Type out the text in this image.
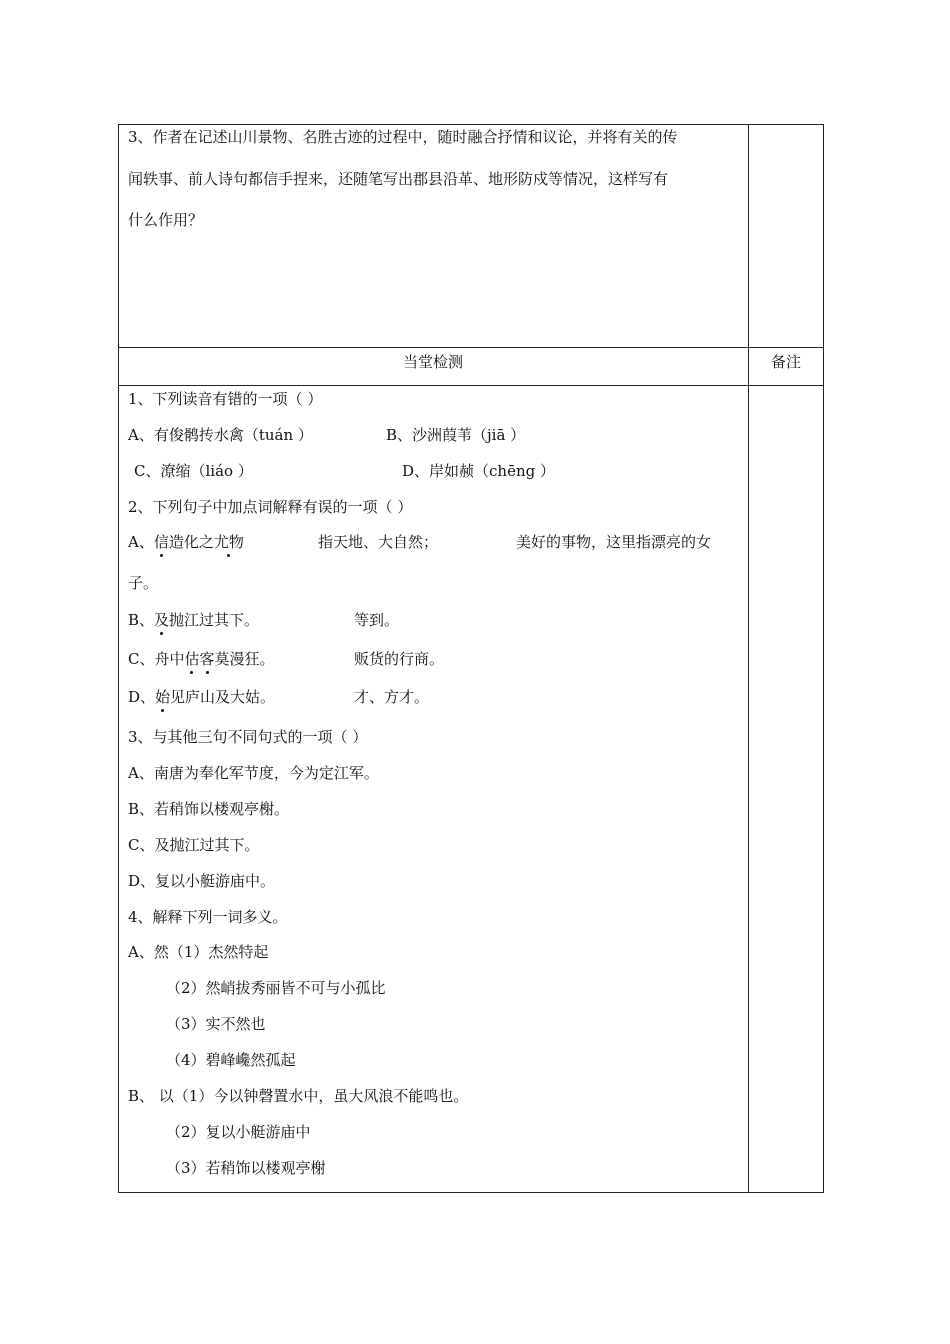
3、作者在记述山川景物、名胜古迹的过程中，随时融合抒情和议论，并将有关的传
闻轶事、前人诗句都信手捏来，还随笔写出郡县沿革、地形防戍等情况，这样写有
什么作用？
当堂检测	备注
1、下列读音有错的一项（ ）
A、有俊鹘抟水禽（tuán ）	B、沙洲葭苇（jiā ）
C、潦缩（liáo ）	D、岸如赪（chēng ）
2、下列句子中加点词解释有误的一项（ ）
A、信造化之尤物	指天地、大自然；	美好的事物，这里指漂亮的女
子。
B、及抛江过其下。	等到。
C、舟中估客莫漫狂。	贩货的行商。
D、始见庐山及大姑。	才、方才。
3、与其他三句不同句式的一项（ ）
A、南唐为奉化军节度，今为定江军。
B、若稍饰以楼观亭榭。
C、及抛江过其下。
D、复以小艇游庙中。
4、解释下列一词多义。
A、然（1）杰然特起
（2）然峭拔秀丽皆不可与小孤比
（3）实不然也
（4）碧峰巉然孤起
B、 以（1）今以钟磬置水中，虽大风浪不能鸣也。
（2）复以小艇游庙中
（3）若稍饰以楼观亭榭
